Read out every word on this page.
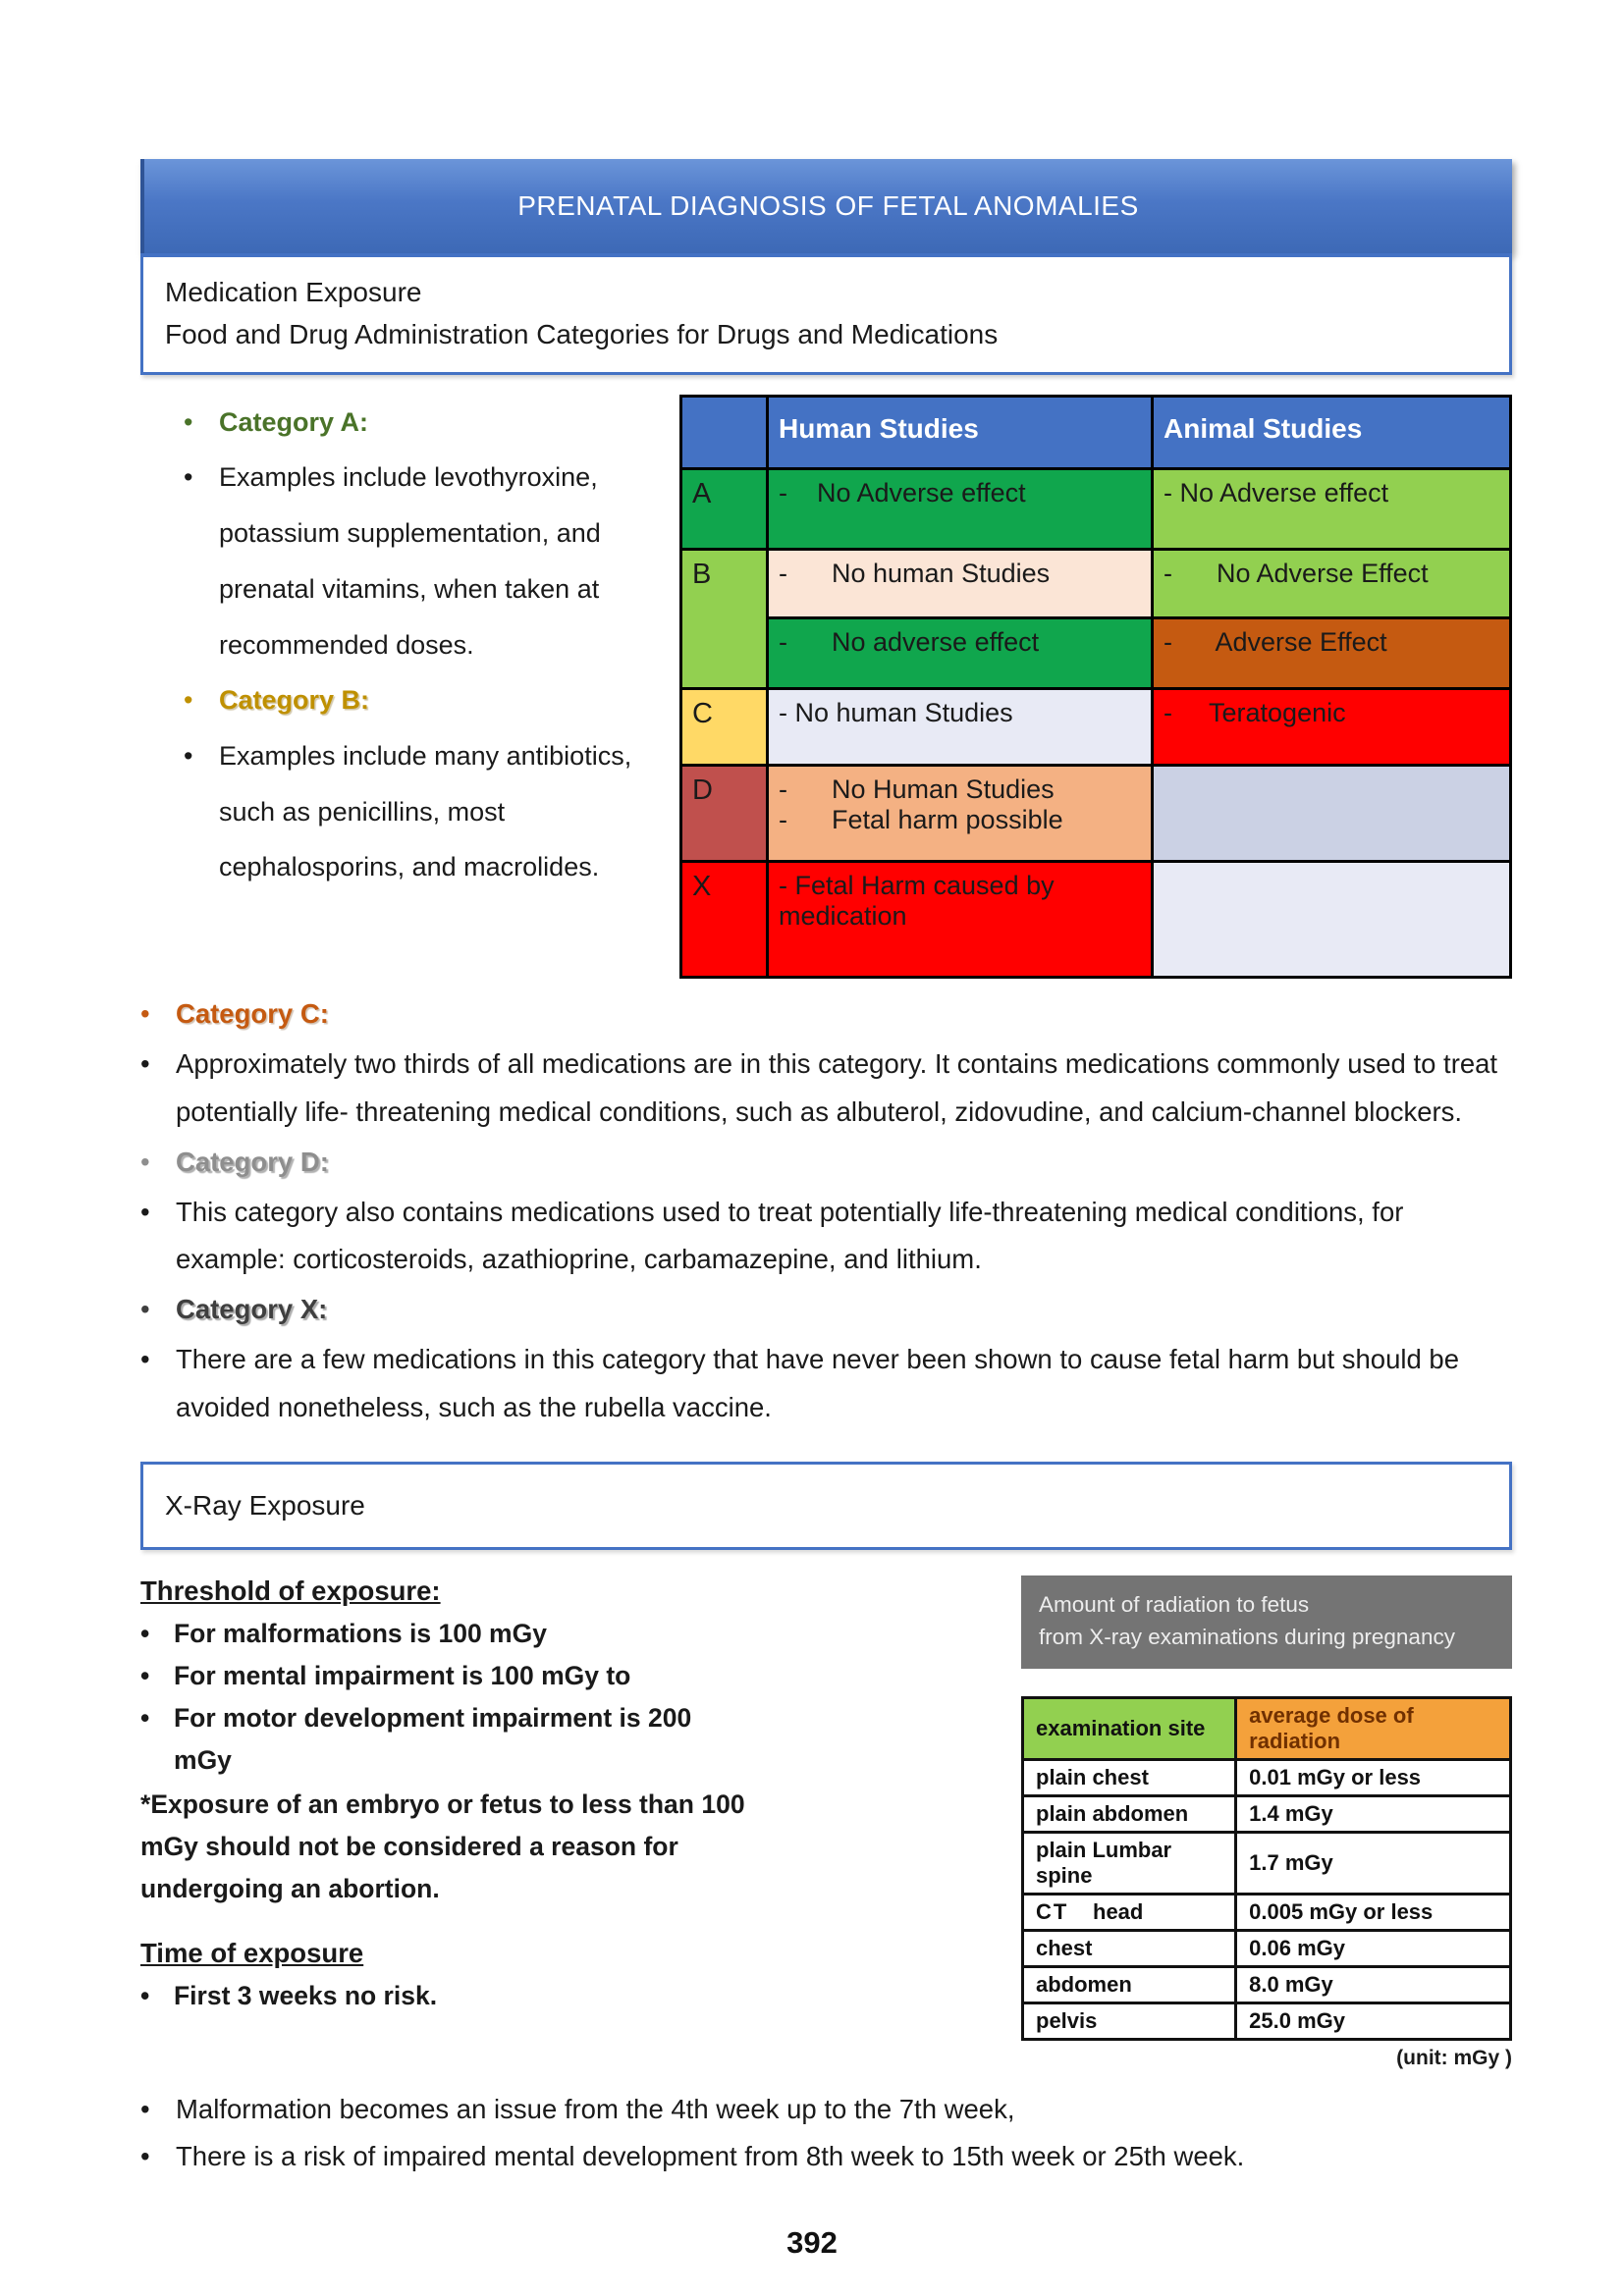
PRENATAL DIAGNOSIS OF FETAL ANOMALIES
Medication Exposure
Food and Drug Administration Categories for Drugs and Medications
• Category A:
• Examples include levothyroxine, potassium supplementation, and prenatal vitamins, when taken at recommended doses.
• Category B:
• Examples include many antibiotics, such as penicillins, most cephalosporins, and macrolides.
	Human Studies	Animal Studies
A	-    No Adverse effect	- No Adverse effect
B	-      No human Studies	-      No Adverse Effect
	-      No adverse effect	-      Adverse Effect
C	- No human Studies	-     Teratogenic
D	-      No Human Studies
-      Fetal harm possible	

X	- Fetal Harm caused by medication	
• Category C:
• Approximately two thirds of all medications are in this category. It contains medications commonly used to treat potentially life- threatening medical conditions, such as albuterol, zidovudine, and calcium-channel blockers.
• Category D:
• This category also contains medications used to treat potentially life-threatening medical conditions, for example: corticosteroids, azathioprine, carbamazepine, and lithium.
• Category X:
• There are a few medications in this category that have never been shown to cause fetal harm but should be avoided nonetheless, such as the rubella vaccine.
X-Ray Exposure
Threshold of exposure:
• For malformations is 100 mGy
• For mental impairment is 100 mGy to
• For motor development impairment is 200 mGy
*Exposure of an embryo or fetus to less than 100 mGy should not be considered a reason for undergoing an abortion.
Time of exposure
• First 3 weeks no risk.
Amount of radiation to fetus
from X-ray examinations during pregnancy
examination site	average dose of radiation
plain chest	0.01 mGy or less
plain abdomen	1.4 mGy
plain Lumbar spine	1.7 mGy
CT head	0.005 mGy or less
chest	0.06 mGy
abdomen	8.0 mGy
pelvis	25.0 mGy
(unit: mGy )
• Malformation becomes an issue from the 4th week up to the 7th week,
• There is a risk of impaired mental development from 8th week to 15th week or 25th week.
392
